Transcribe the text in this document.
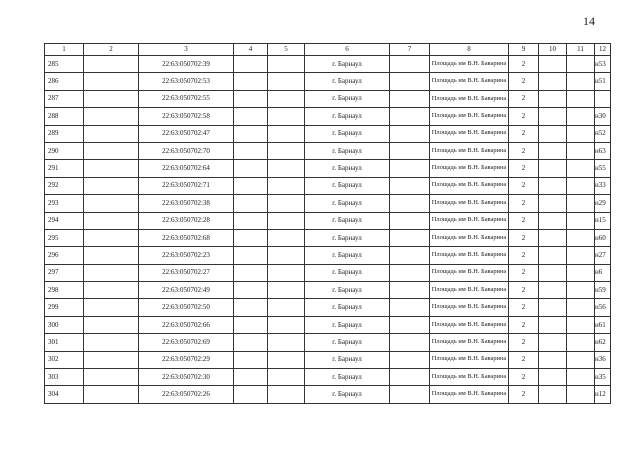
14
1	2	3	4	5	6	7	8	9	10	11	12
285		22:63:050702:39			г. Барнаул		Площадь им В.Н. Баварина	2			н53
286		22:63:050702:53			г. Барнаул		Площадь им В.Н. Баварина	2			н51
287		22:63:050702:55			г. Барнаул		Площадь им В.Н. Баварина	2			
288		22:63:050702:58			г. Барнаул		Площадь им В.Н. Баварина	2			н30
289		22:63:050702:47			г. Барнаул		Площадь им В.Н. Баварина	2			н52
290		22:63:050702:70			г. Барнаул		Площадь им В.Н. Баварина	2			н63
291		22:63:050702:64			г. Барнаул		Площадь им В.Н. Баварина	2			н55
292		22:63:050702:71			г. Барнаул		Площадь им В.Н. Баварина	2			н33
293		22:63:050702:38			г. Барнаул		Площадь им В.Н. Баварина	2			н29
294		22:63:050702:28			г. Барнаул		Площадь им В.Н. Баварина	2			н15
295		22:63:050702:68			г. Барнаул		Площадь им В.Н. Баварина	2			н60
296		22:63:050702:23			г. Барнаул		Площадь им В.Н. Баварина	2			н27
297		22:63:050702:27			г. Барнаул		Площадь им В.Н. Баварина	2			н6
298		22:63:050702:49			г. Барнаул		Площадь им В.Н. Баварина	2			н59
299		22:63:050702:50			г. Барнаул		Площадь им В.Н. Баварина	2			н56
300		22:63:050702:66			г. Барнаул		Площадь им В.Н. Баварина	2			н61
301		22:63:050702:69			г. Барнаул		Площадь им В.Н. Баварина	2			н62
302		22:63:050702:29			г. Барнаул		Площадь им В.Н. Баварина	2			н36
303		22:63:050702:30			г. Барнаул		Площадь им В.Н. Баварина	2			н35
304		22:63:050702:26			г. Барнаул		Площадь им В.Н. Баварина	2			н12
